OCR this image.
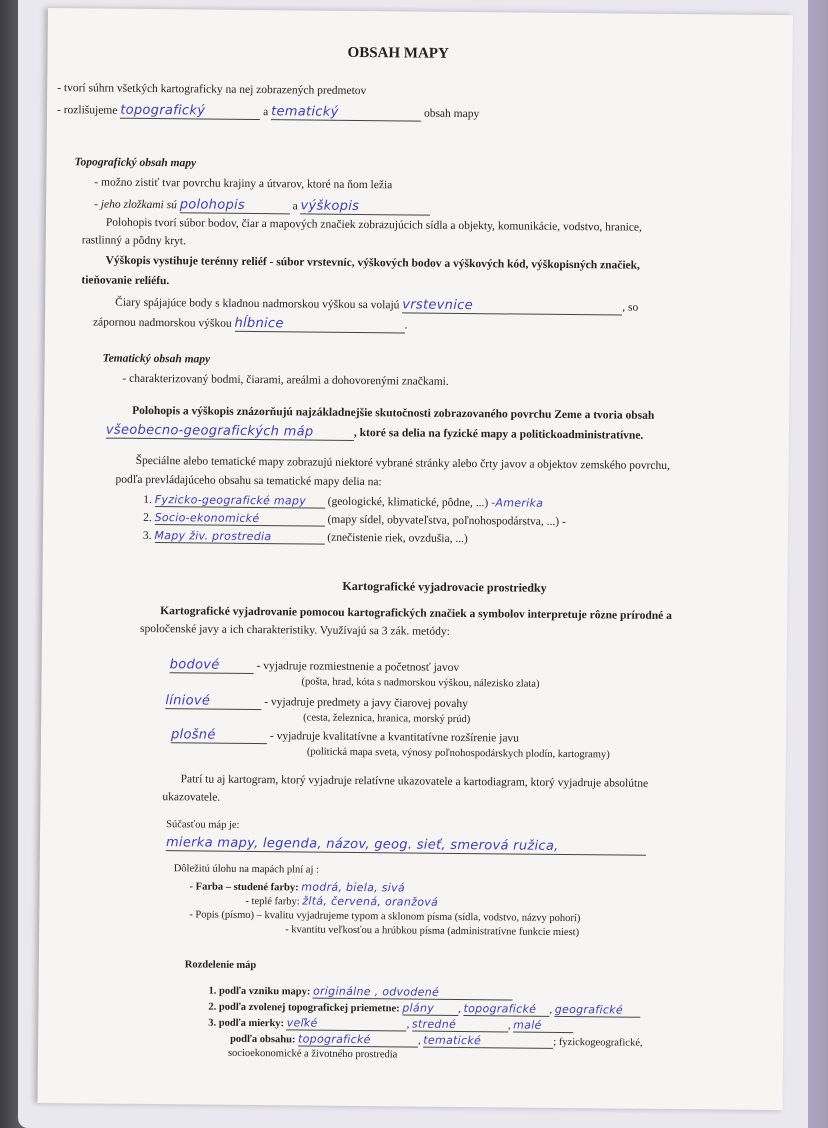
OBSAH MAPY
- tvorí súhrn všetkých kartograficky na nej zobrazených predmetov
- rozlišujeme topografický	a tematický	obsah mapy
Topografický obsah mapy
- možno zistiť tvar povrchu krajiny a útvarov, ktoré na ňom ležia
- jeho zložkami sú polohopis	a výškopis
Polohopis tvorí súbor bodov, čiar a mapových značiek zobrazujúcich sídla a objekty, komunikácie, vodstvo, hranice,
rastlinný a pôdny kryt.
Výškopis vystihuje terénny reliéf - súbor vrstevníc, výškových bodov a výškových kód, výškopisných značiek,
tieňovanie reliéfu.
Čiary spájajúce body s kladnou nadmorskou výškou sa volajú vrstevnice	, so
zápornou nadmorskou výškou hĺbnice	.
Tematický obsah mapy
- charakterizovaný bodmi, čiarami, areálmi a dohovorenými značkami.
Polohopis a výškopis znázorňujú najzákladnejšie skutočnosti zobrazovaného povrchu Zeme a tvoria obsah
všeobecno-geografických máp	, ktoré sa delia na fyzické mapy a politickoadministratívne.
Špeciálne alebo tematické mapy zobrazujú niektoré vybrané stránky alebo črty javov a objektov zemského povrchu,
podľa prevládajúceho obsahu sa tematické mapy delia na:
1. Fyzicko-geografické mapy (geologické, klimatické, pôdne, ...) -Amerika
2. Socio-ekonomické	(mapy sídel, obyvateľstva, poľnohospodárstva, ...) -
3. Mapy živ. prostredia	(znečistenie riek, ovzdušia, ...)
Kartografické vyjadrovacie prostriedky
Kartografické vyjadrovanie pomocou kartografických značiek a symbolov interpretuje rôzne prírodné a
spoločenské javy a ich charakteristiky. Využívajú sa 3 zák. metódy:
bodové	- vyjadruje rozmiestnenie a početnosť javov
(pošta, hrad, kóta s nadmorskou výškou, nálezisko zlata)
líniové	- vyjadruje predmety a javy čiarovej povahy
(cesta, železnica, hranica, morský prúd)
plošné	- vyjadruje kvalitatívne a kvantitatívne rozšírenie javu
(politická mapa sveta, výnosy poľnohospodárskych plodín, kartogramy)
Patrí tu aj kartogram, ktorý vyjadruje relatívne ukazovatele a kartodiagram, ktorý vyjadruje absolútne
ukazovatele.
Súčasťou máp je:
mierka mapy, legenda, názov, geog. sieť, smerová ružica,
Dôležitú úlohu na mapách plní aj :
- Farba – studené farby: modrá, biela, sivá
- teplé farby: žltá, červená, oranžová
- Popis (písmo) – kvalitu vyjadrujeme typom a sklonom písma (sídla, vodstvo, názvy pohorí)
- kvantitu veľkosťou a hrúbkou písma (administratívne funkcie miest)
Rozdelenie máp
1. podľa vzniku mapy: originálne , odvodené
2. podľa zvolenej topografickej priemetne: plány , topografické , geografické
3. podľa mierky: veľké	, stredné	, malé
podľa obsahu: topografické	, tematické	; fyzickogeografické,
socioekonomické a životného prostredia
